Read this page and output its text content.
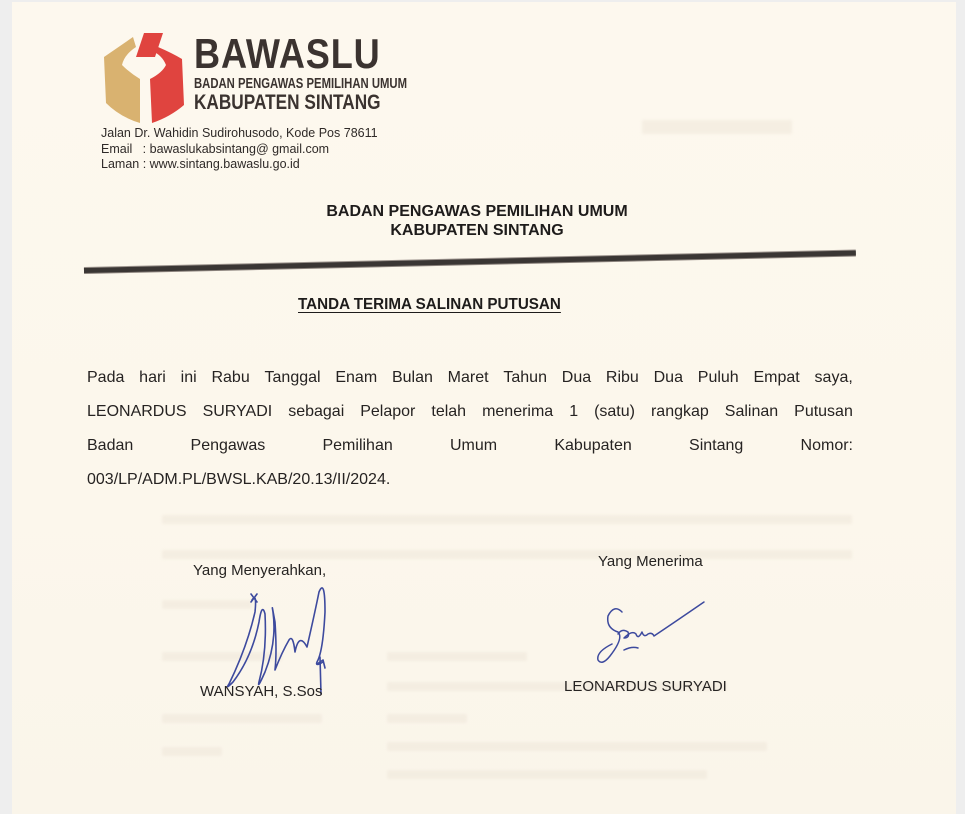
BAWASLU
BADAN PENGAWAS PEMILIHAN UMUM
KABUPATEN SINTANG
Jalan Dr. Wahidin Sudirohusodo, Kode Pos 78611
Email   : bawaslukabsintang@ gmail.com
Laman : www.sintang.bawaslu.go.id
BADAN PENGAWAS PEMILIHAN UMUM
KABUPATEN SINTANG
TANDA TERIMA SALINAN PUTUSAN
Pada hari ini Rabu Tanggal Enam Bulan Maret Tahun Dua Ribu Dua Puluh Empat saya,
LEONARDUS SURYADI sebagai Pelapor telah menerima 1 (satu) rangkap Salinan Putusan
Badan	Pengawas	Pemilihan	Umum	Kabupaten	Sintang	Nomor:
003/LP/ADM.PL/BWSL.KAB/20.13/II/2024.
Yang Menyerahkan,
Yang Menerima
WANSYAH, S.Sos	LEONARDUS SURYADI
